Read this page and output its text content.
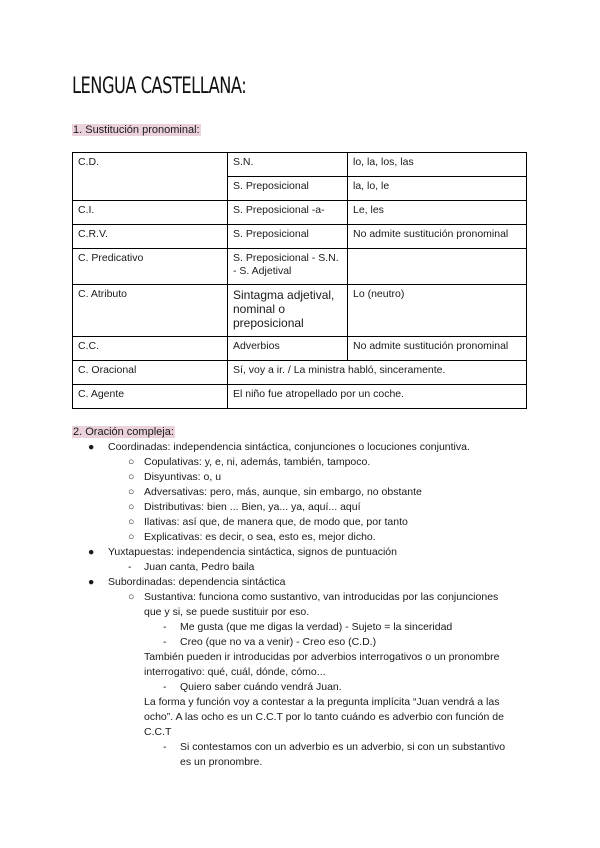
LENGUA CASTELLANA:
1. Sustitución pronominal:
C.D.	S.N.	lo, la, los, las
	S. Preposicional	la, lo, le
C.I.	S. Preposicional -a-	Le, les
C.R.V.	S. Preposicional	No admite sustitución pronominal
C. Predicativo	S. Preposicional - S.N. - S. Adjetival	
C. Atributo	Sintagma adjetival, nominal o preposicional	Lo (neutro)
C.C.	Adverbios	No admite sustitución pronominal
C. Oracional	Sí, voy a ir. / La ministra habló, sinceramente.	
C. Agente	El niño fue atropellado por un coche.	
2. Oración compleja:
● Coordinadas: independencia sintáctica, conjunciones o locuciones conjuntiva.
○ Copulativas: y, e, ni, además, también, tampoco.
○ Disyuntivas: o, u
○ Adversativas: pero, más, aunque, sin embargo, no obstante
○ Distributivas: bien ... Bien, ya... ya, aquí... aquí
○ Ilativas: así que, de manera que, de modo que, por tanto
○ Explicativas: es decir, o sea, esto es, mejor dicho.
● Yuxtapuestas: independencia sintáctica, signos de puntuación
- Juan canta, Pedro baila
● Subordinadas: dependencia sintáctica
○ Sustantiva: funciona como sustantivo, van introducidas por las conjunciones
que y si, se puede sustituir por eso.
- Me gusta (que me digas la verdad) - Sujeto = la sinceridad
- Creo (que no va a venir) - Creo eso (C.D.)
También pueden ir introducidas por adverbios interrogativos o un pronombre
interrogativo: qué, cuál, dónde, cómo...
- Quiero saber cuándo vendrá Juan.
La forma y función voy a contestar a la pregunta implícita “Juan vendrá a las
ocho”. A las ocho es un C.C.T por lo tanto cuándo es adverbio con función de
C.C.T
- Si contestamos con un adverbio es un adverbio, si con un substantivo
es un pronombre.
